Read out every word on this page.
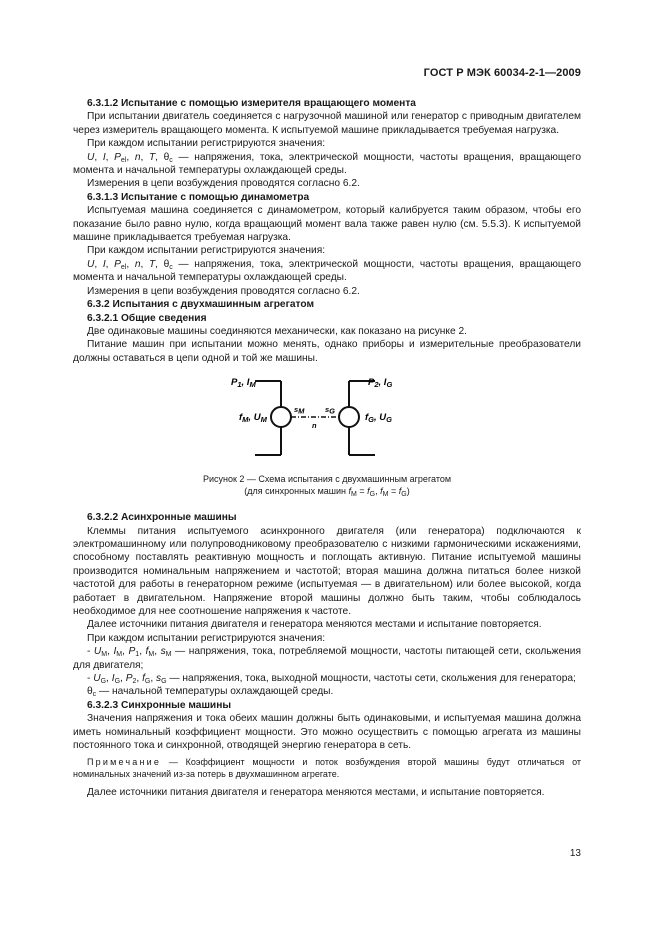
ГОСТ Р МЭК 60034-2-1—2009

6.3.1.2 Испытание с помощью измерителя вращающего момента

При испытании двигатель соединяется с нагрузочной машиной или генератор с приводным двигателем через измеритель вращающего момента. К испытуемой машине прикладывается требуемая нагрузка.

При каждом испытании регистрируются значения:

U, I, $P_{el}$, n, T, $\theta_c$ — напряжения, тока, электрической мощности, частоты вращения, вращающего момента и начальной температуры охлаждающей среды.

Измерения в цепи возбуждения проводятся согласно 6.2.

6.3.1.3 Испытание с помощью динамометра

Испытуемая машина соединяется с динамометром, который калибруется таким образом, чтобы его показание было равно нулю, когда вращающий момент вала также равен нулю (см. 5.5.3). К испытуемой машине прикладывается требуемая нагрузка.

При каждом испытании регистрируются значения:

U, I, $P_{el}$, n, T, $\theta_c$ — напряжения, тока, электрической мощности, частоты вращения, вращающего момента и начальной температуры охлаждающей среды.

Измерения в цепи возбуждения проводятся согласно 6.2.

6.3.2 Испытания с двухмашинным агрегатом

6.3.2.1 Общие сведения

Две одинаковые машины соединяются механически, как показано на рисунке 2.

Питание машин при испытании можно менять, однако приборы и измерительные преобразователи должны оставаться в цепи одной и той же машины.

$P_1$, $I_M$	$P_2$, $I_G$
$f_M$, $U_M$	$f_G$, $U_G$
sM	sG
n
Рисунок 2 — Схема испытания с двухмашинным агрегатом
(для синхронных машин $f_M = f_G$, $f_M = f_G$)

6.3.2.2 Асинхронные машины

Клеммы питания испытуемого асинхронного двигателя (или генератора) подключаются к электромашинному или полупроводниковому преобразователю с низкими гармоническими искажениями, способному поставлять реактивную мощность и поглощать активную. Питание испытуемой машины производится номинальным напряжением и частотой; вторая машина должна питаться более низкой частотой для работы в генераторном режиме (испытуемая — в двигательном) или более высокой, когда работает в двигательном. Напряжение второй машины должно быть таким, чтобы соблюдалось необходимое для нее соотношение напряжения к частоте.

Далее источники питания двигателя и генератора меняются местами и испытание повторяется.

При каждом испытании регистрируются значения:

- $U_M$, $I_M$, $P_1$, $f_M$, $s_M$ — напряжения, тока, потребляемой мощности, частоты питающей сети, скольжения для двигателя;

- $U_G$, $I_G$, $P_2$, $f_G$, $s_G$ — напряжения, тока, выходной мощности, частоты сети, скольжения для генератора;

$\theta_c$ — начальной температуры охлаждающей среды.

6.3.2.3 Синхронные машины

Значения напряжения и тока обеих машин должны быть одинаковыми, и испытуемая машина должна иметь номинальный коэффициент мощности. Это можно осуществить с помощью агрегата из машины постоянного тока и синхронной, отводящей энергию генератора в сеть.

Примечание — Коэффициент мощности и поток возбуждения второй машины будут отличаться от номинальных значений из-за потерь в двухмашинном агрегате.

Далее источники питания двигателя и генератора меняются местами, и испытание повторяется.

13
